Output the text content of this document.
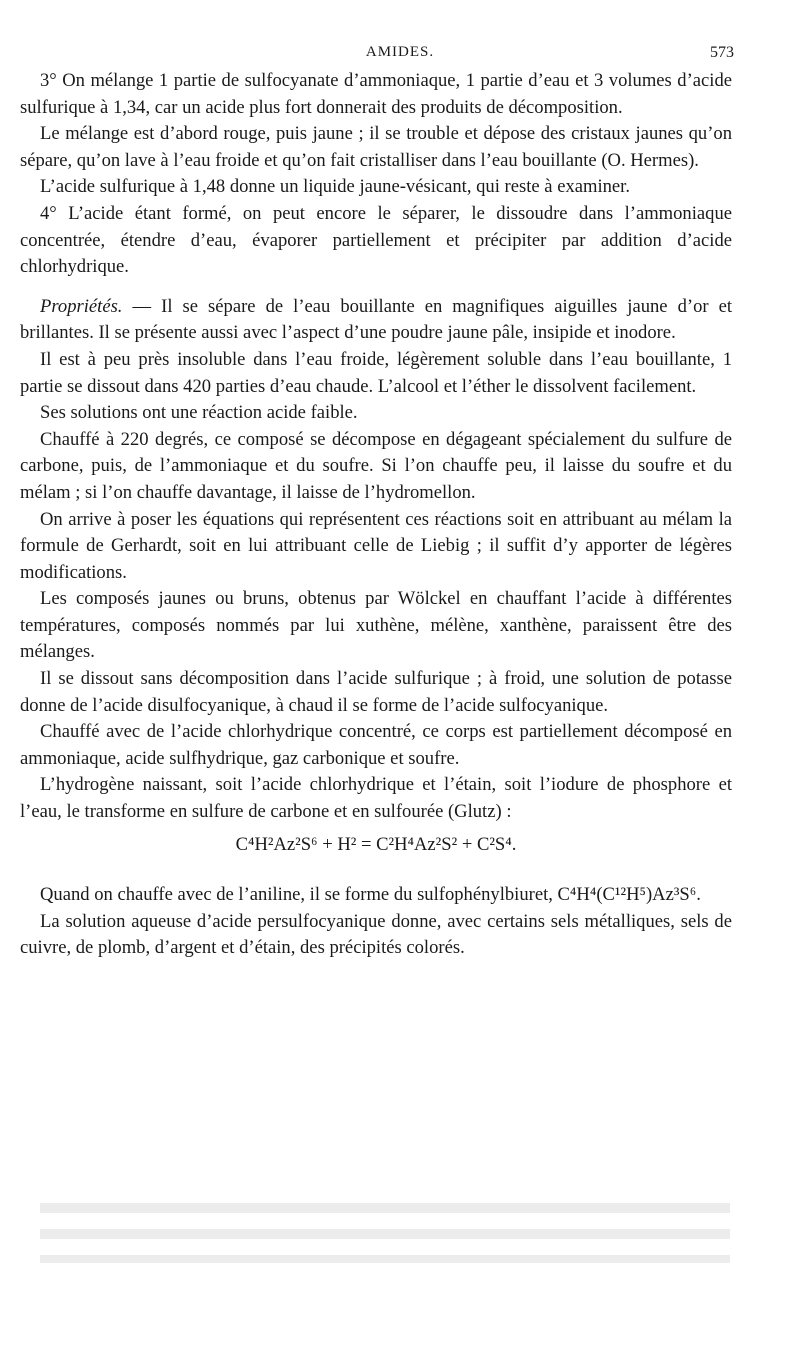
AMIDES.	573

3° On mélange 1 partie de sulfocyanate d’ammoniaque, 1 partie d’eau et 3 volumes d’acide sulfurique à 1,34, car un acide plus fort donnerait des produits de décomposition.

Le mélange est d’abord rouge, puis jaune ; il se trouble et dépose des cristaux jaunes qu’on sépare, qu’on lave à l’eau froide et qu’on fait cristalliser dans l’eau bouillante (O. Hermes).

L’acide sulfurique à 1,48 donne un liquide jaune-vésicant, qui reste à examiner.

4° L’acide étant formé, on peut encore le séparer, le dissoudre dans l’ammoniaque concentrée, étendre d’eau, évaporer partiellement et précipiter par addition d’acide chlorhydrique.

Propriétés. — Il se sépare de l’eau bouillante en magnifiques aiguilles jaune d’or et brillantes. Il se présente aussi avec l’aspect d’une poudre jaune pâle, insipide et inodore.

Il est à peu près insoluble dans l’eau froide, légèrement soluble dans l’eau bouillante, 1 partie se dissout dans 420 parties d’eau chaude. L’alcool et l’éther le dissolvent facilement.

Ses solutions ont une réaction acide faible.

Chauffé à 220 degrés, ce composé se décompose en dégageant spécialement du sulfure de carbone, puis, de l’ammoniaque et du soufre. Si l’on chauffe peu, il laisse du soufre et du mélam ; si l’on chauffe davantage, il laisse de l’hydromellon.

On arrive à poser les équations qui représentent ces réactions soit en attribuant au mélam la formule de Gerhardt, soit en lui attribuant celle de Liebig ; il suffit d’y apporter de légères modifications.

Les composés jaunes ou bruns, obtenus par Wölckel en chauffant l’acide à différentes températures, composés nommés par lui xuthène, mélène, xanthène, paraissent être des mélanges.

Il se dissout sans décomposition dans l’acide sulfurique ; à froid, une solution de potasse donne de l’acide disulfocyanique, à chaud il se forme de l’acide sulfocyanique.

Chauffé avec de l’acide chlorhydrique concentré, ce corps est partiellement décomposé en ammoniaque, acide sulfhydrique, gaz carbonique et soufre.

L’hydrogène naissant, soit l’acide chlorhydrique et l’étain, soit l’iodure de phosphore et l’eau, le transforme en sulfure de carbone et en sulfourée (Glutz) :

C⁴H²Az²S⁶ + H² = C²H⁴Az²S² + C²S⁴.

Quand on chauffe avec de l’aniline, il se forme du sulfophénylbiuret, C⁴H⁴(C¹²H⁵)Az³S⁶.

La solution aqueuse d’acide persulfocyanique donne, avec certains sels métalliques, sels de cuivre, de plomb, d’argent et d’étain, des précipités colorés.
